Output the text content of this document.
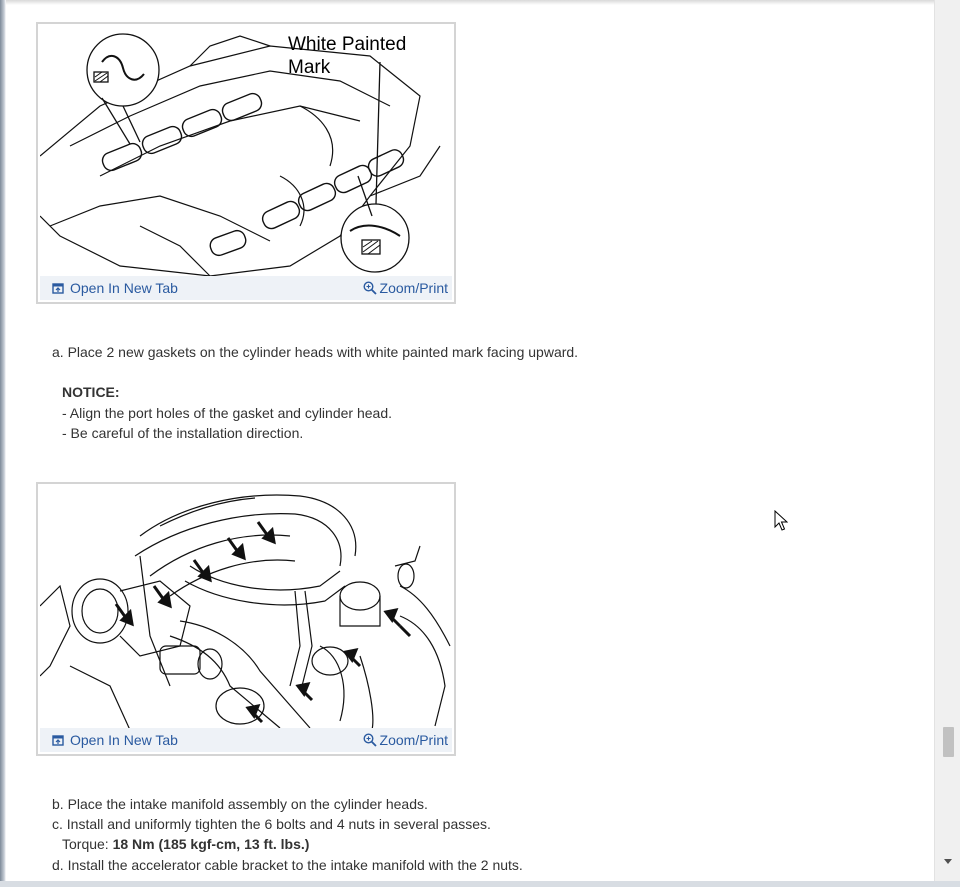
White Painted
Mark
Open In New Tab	Zoom/Print
a. Place 2 new gaskets on the cylinder heads with white painted mark facing upward.
NOTICE:
- Align the port holes of the gasket and cylinder head.
- Be careful of the installation direction.
Open In New Tab	Zoom/Print
b. Place the intake manifold assembly on the cylinder heads.
c. Install and uniformly tighten the 6 bolts and 4 nuts in several passes.
Torque: 18 Nm (185 kgf-cm, 13 ft. lbs.)
d. Install the accelerator cable bracket to the intake manifold with the 2 nuts.
